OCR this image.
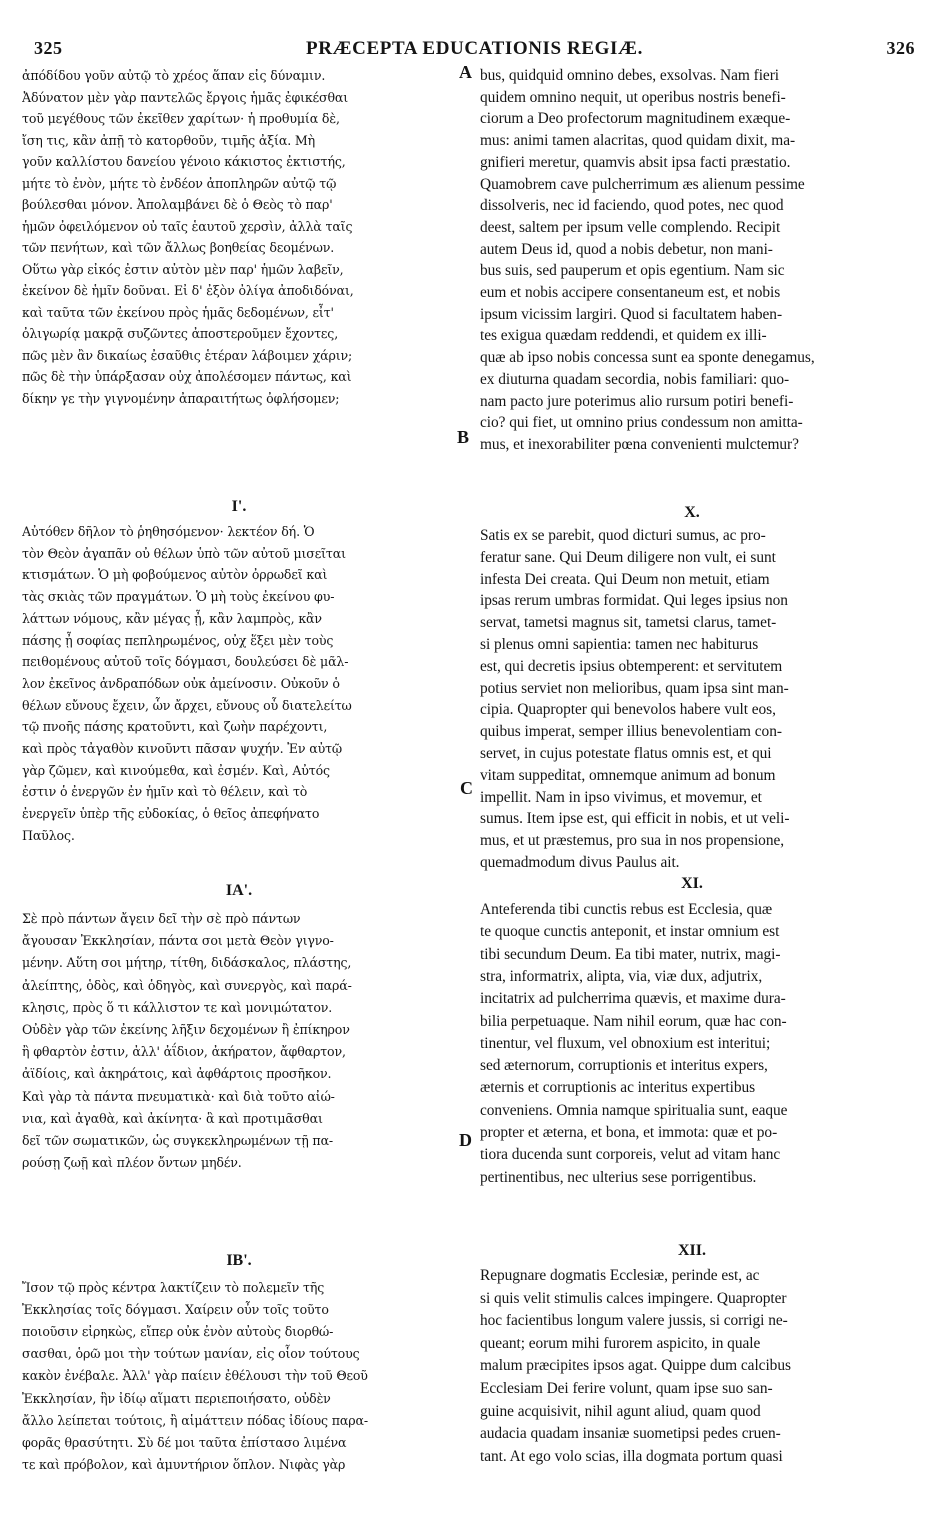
325	PRÆCEPTA EDUCATIONIS REGIÆ.	326
ἀπόδίδου γοῦν αὐτῷ τὸ χρέος ἅπαν εἰς δύναμιν.
Ἀδύνατον μὲν γὰρ παντελῶς ἔργοις ἡμᾶς ἐφικέσθαι
τοῦ μεγέθους τῶν ἐκεῖθεν χαρίτων· ἡ προθυμία δὲ,
ἴση τις, κἂν ἀπῇ τὸ κατορθοῦν, τιμῆς ἀξία. Μὴ
γοῦν καλλίστου δανείου γένοιο κάκιστος ἐκτιστής,
μήτε τὸ ἐνὸν, μήτε τὸ ἐνδέον ἀποπληρῶν αὐτῷ τῷ
βούλεσθαι μόνον. Ἀπολαμβάνει δὲ ὁ Θεὸς τὸ παρ'
ἡμῶν ὀφειλόμενον οὐ ταῖς ἑαυτοῦ χερσὶν, ἀλλὰ ταῖς
τῶν πενήτων, καὶ τῶν ἄλλως βοηθείας δεομένων.
Οὕτω γὰρ εἰκός ἐστιν αὐτὸν μὲν παρ' ἡμῶν λαβεῖν,
ἐκείνον δὲ ἡμῖν δοῦναι. Εἰ δ' ἐξὸν ὀλίγα ἀποδιδόναι,
καὶ ταῦτα τῶν ἐκείνου πρὸς ἡμᾶς δεδομένων, εἶτ'
ὀλιγωρίᾳ μακρᾷ συζῶντες ἀποστεροῦμεν ἔχοντες,
πῶς μὲν ἂν δικαίως ἐσαῦθις ἑτέραν λάβοιμεν χάριν;
πῶς δὲ τὴν ὑπάρξασαν οὐχ ἀπολέσομεν πάντως, καὶ
δίκην γε τὴν γιγνομένην ἀπαραιτήτως ὀφλήσομεν;
Ι'.
Αὐτόθεν δῆλον τὸ ῥηθησόμενον· λεκτέον δή. Ὁ
τὸν Θεὸν ἀγαπᾶν οὐ θέλων ὑπὸ τῶν αὐτοῦ μισεῖται
κτισμάτων. Ὁ μὴ φοβούμενος αὐτὸν ὀρρωδεῖ καὶ
τὰς σκιὰς τῶν πραγμάτων. Ὁ μὴ τοὺς ἐκείνου φυ-
λάττων νόμους, κἂν μέγας ᾖ, κἂν λαμπρὸς, κἂν
πάσης ᾖ σοφίας πεπληρωμένος, οὐχ ἕξει μὲν τοὺς
πειθομένους αὐτοῦ τοῖς δόγμασι, δουλεύσει δὲ μᾶλ-
λον ἐκεῖνος ἀνδραπόδων οὐκ ἀμείνοσιν. Οὐκοῦν ὁ
θέλων εὔνους ἔχειν, ὧν ἄρχει, εὔνους οὗ διατελείτω
τῷ πνοῆς πάσης κρατοῦντι, καὶ ζωὴν παρέχοντι,
καὶ πρὸς τἀγαθὸν κινοῦντι πᾶσαν ψυχήν. Ἐν αὐτῷ
γὰρ ζῶμεν, καὶ κινούμεθα, καὶ ἐσμέν. Καὶ, Αὐτός
ἐστιν ὁ ἐνεργῶν ἐν ἡμῖν καὶ τὸ θέλειν, καὶ τὸ
ἐνεργεῖν ὑπὲρ τῆς εὐδοκίας, ὁ θεῖος ἀπεφήνατο
Παῦλος.
ΙΑ'.
Σὲ πρὸ πάντων ἄγειν δεῖ τὴν σὲ πρὸ πάντων
ἄγουσαν Ἐκκλησίαν, πάντα σοι μετὰ Θεὸν γιγνο-
μένην. Αὕτη σοι μήτηρ, τίτθη, διδάσκαλος, πλάστης,
ἀλείπτης, ὁδὸς, καὶ ὁδηγὸς, καὶ συνεργὸς, καὶ παρά-
κλησις, πρὸς ὅ τι κάλλιστον τε καὶ μονιμώτατον.
Οὐδὲν γὰρ τῶν ἐκείνης λῆξιν δεχομένων ἢ ἐπίκηρον
ἢ φθαρτὸν ἐστιν, ἀλλ' ἀΐδιον, ἀκήρατον, ἄφθαρτον,
ἀϊδίοις, καὶ ἀκηράτοις, καὶ ἀφθάρτοις προσῆκον.
Καὶ γὰρ τὰ πάντα πνευματικὰ· καὶ διὰ τοῦτο αἰώ-
νια, καὶ ἀγαθὰ, καὶ ἀκίνητα· ἃ καὶ προτιμᾶσθαι
δεῖ τῶν σωματικῶν, ὡς συγκεκληρωμένων τῇ πα-
ρούσῃ ζωῇ καὶ πλέον ὄντων μηδέν.
ΙΒ'.
Ἴσον τῷ πρὸς κέντρα λακτίζειν τὸ πολεμεῖν τῆς
Ἐκκλησίας τοῖς δόγμασι. Χαίρειν οὖν τοῖς τοῦτο
ποιοῦσιν εἰρηκὼς, εἴπερ οὐκ ἐνὸν αὐτοὺς διορθώ-
σασθαι, ὁρῶ μοι τὴν τούτων μανίαν, εἰς οἷον τούτους
κακὸν ἐνέβαλε. Ἀλλ' γὰρ παίειν ἐθέλουσι τὴν τοῦ Θεοῦ
Ἐκκλησίαν, ἣν ἰδίῳ αἵματι περιεποιήσατο, οὐδὲν
ἄλλο λείπεται τούτοις, ἢ αἱμάττειν πόδας ἰδίους παρα-
φορᾶς θρασύτητι. Σὺ δέ μοι ταῦτα ἐπίστασο λιμένα
τε καὶ πρόβολον, καὶ ἀμυντήριον ὅπλον. Νιφὰς γὰρ
bus, quidquid omnino debes, exsolvas. Nam fieri
quidem omnino nequit, ut operibus nostris benefi-
ciorum a Deo profectorum magnitudinem exæque-
mus: animi tamen alacritas, quod quidam dixit, ma-
gnifieri meretur, quamvis absit ipsa facti præstatio.
Quamobrem cave pulcherrimum æs alienum pessime
dissolveris, nec id faciendo, quod potes, nec quod
deest, saltem per ipsum velle complendo. Recipit
autem Deus id, quod a nobis debetur, non mani-
bus suis, sed pauperum et opis egentium. Nam sic
eum et nobis accipere consentaneum est, et nobis
ipsum vicissim largiri. Quod si facultatem haben-
tes exigua quædam reddendi, et quidem ex illi-
quæ ab ipso nobis concessa sunt ea sponte denegamus,
ex diuturna quadam secordia, nobis familiari: quo-
nam pacto jure poterimus alio rursum potiri benefi-
cio? qui fiet, ut omnino prius condessum non amitta-
mus, et inexorabiliter pœna convenienti mulctemur?
X.
Satis ex se parebit, quod dicturi sumus, ac pro-
feratur sane. Qui Deum diligere non vult, ei sunt
infesta Dei creata. Qui Deum non metuit, etiam
ipsas rerum umbras formidat. Qui leges ipsius non
servat, tametsi magnus sit, tametsi clarus, tamet-
si plenus omni sapientia: tamen nec habiturus
est, qui decretis ipsius obtemperent: et servitutem
potius serviet non melioribus, quam ipsa sint man-
cipia. Quapropter qui benevolos habere vult eos,
quibus imperat, semper illius benevolentiam con-
servet, in cujus potestate flatus omnis est, et qui
vitam suppeditat, omnemque animum ad bonum
impellit. Nam in ipso vivimus, et movemur, et
sumus. Item ipse est, qui efficit in nobis, et ut veli-
mus, et ut præstemus, pro sua in nos propensione,
quemadmodum divus Paulus ait.
XI.
Anteferenda tibi cunctis rebus est Ecclesia, quæ
te quoque cunctis anteponit, et instar omnium est
tibi secundum Deum. Ea tibi mater, nutrix, magi-
stra, informatrix, alipta, via, viæ dux, adjutrix,
incitatrix ad pulcherrima quævis, et maxime dura-
bilia perpetuaque. Nam nihil eorum, quæ hac con-
tinentur, vel fluxum, vel obnoxium est interitui;
sed æternorum, corruptionis et interitus expers,
æternis et corruptionis ac interitus expertibus
conveniens. Omnia namque spiritualia sunt, eaque
propter et æterna, et bona, et immota: quæ et po-
tiora ducenda sunt corporeis, velut ad vitam hanc
pertinentibus, nec ulterius sese porrigentibus.
XII.
Repugnare dogmatis Ecclesiæ, perinde est, ac
si quis velit stimulis calces impingere. Quapropter
hoc facientibus longum valere jussis, si corrigi ne-
queant; eorum mihi furorem aspicito, in quale
malum præcipites ipsos agat. Quippe dum calcibus
Ecclesiam Dei ferire volunt, quam ipse suo san-
guine acquisivit, nihil agunt aliud, quam quod
audacia quadam insaniæ suometipsi pedes cruen-
tant. At ego volo scias, illa dogmata portum quasi
A
B
C
D
